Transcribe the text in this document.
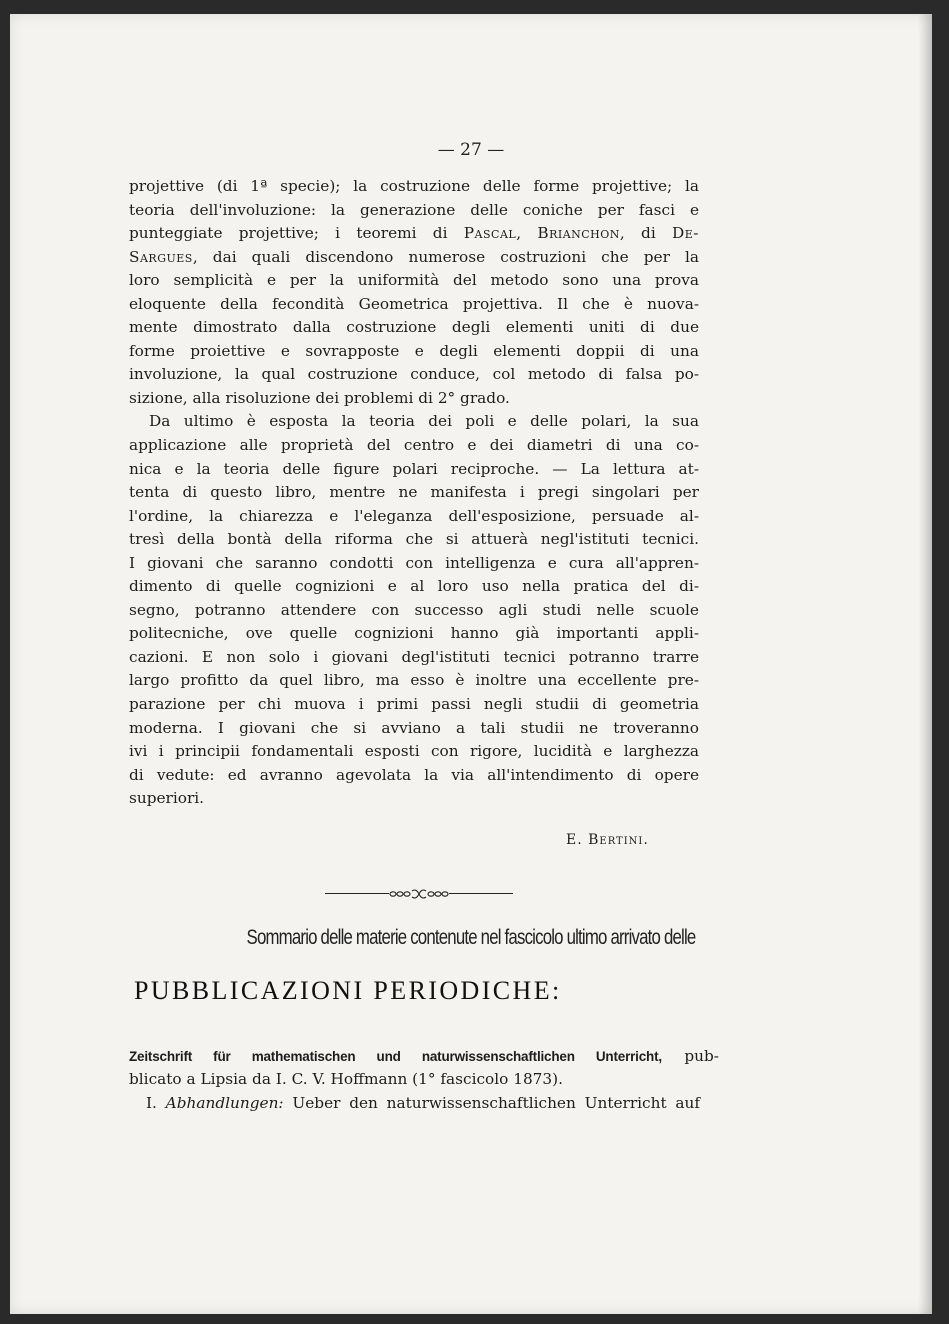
— 27 —
projettive (di 1ª specie); la costruzione delle forme projettive; la
teoria dell'involuzione: la generazione delle coniche per fasci e
punteggiate projettive; i teoremi di Pascal, Brianchon, di De-
Sargues, dai quali discendono numerose costruzioni che per la
loro semplicità e per la uniformità del metodo sono una prova
eloquente della fecondità Geometrica projettiva. Il che è nuova-
mente dimostrato dalla costruzione degli elementi uniti di due
forme proiettive e sovrapposte e degli elementi doppii di una
involuzione, la qual costruzione conduce, col metodo di falsa po-
sizione, alla risoluzione dei problemi di 2° grado.
Da ultimo è esposta la teoria dei poli e delle polari, la sua
applicazione alle proprietà del centro e dei diametri di una co-
nica e la teoria delle figure polari reciproche. — La lettura at-
tenta di questo libro, mentre ne manifesta i pregi singolari per
l'ordine, la chiarezza e l'eleganza dell'esposizione, persuade al-
tresì della bontà della riforma che si attuerà negl'istituti tecnici.
I giovani che saranno condotti con intelligenza e cura all'appren-
dimento di quelle cognizioni e al loro uso nella pratica del di-
segno, potranno attendere con successo agli studi nelle scuole
politecniche, ove quelle cognizioni hanno già importanti appli-
cazioni. E non solo i giovani degl'istituti tecnici potranno trarre
largo profitto da quel libro, ma esso è inoltre una eccellente pre-
parazione per chi muova i primi passi negli studii di geometria
moderna. I giovani che si avviano a tali studii ne troveranno
ivi i principii fondamentali esposti con rigore, lucidità e larghezza
di vedute: ed avranno agevolata la via all'intendimento di opere
superiori.
E. Bertini.
Sommario delle materie contenute nel fascicolo ultimo arrivato delle
PUBBLICAZIONI PERIODICHE:
Zeitschrift für mathematischen und naturwissenschaftlichen Unterricht, pub-
blicato a Lipsia da I. C. V. Hoffmann (1° fascicolo 1873).
I. Abhandlungen: Ueber den naturwissenschaftlichen Unterricht auf
